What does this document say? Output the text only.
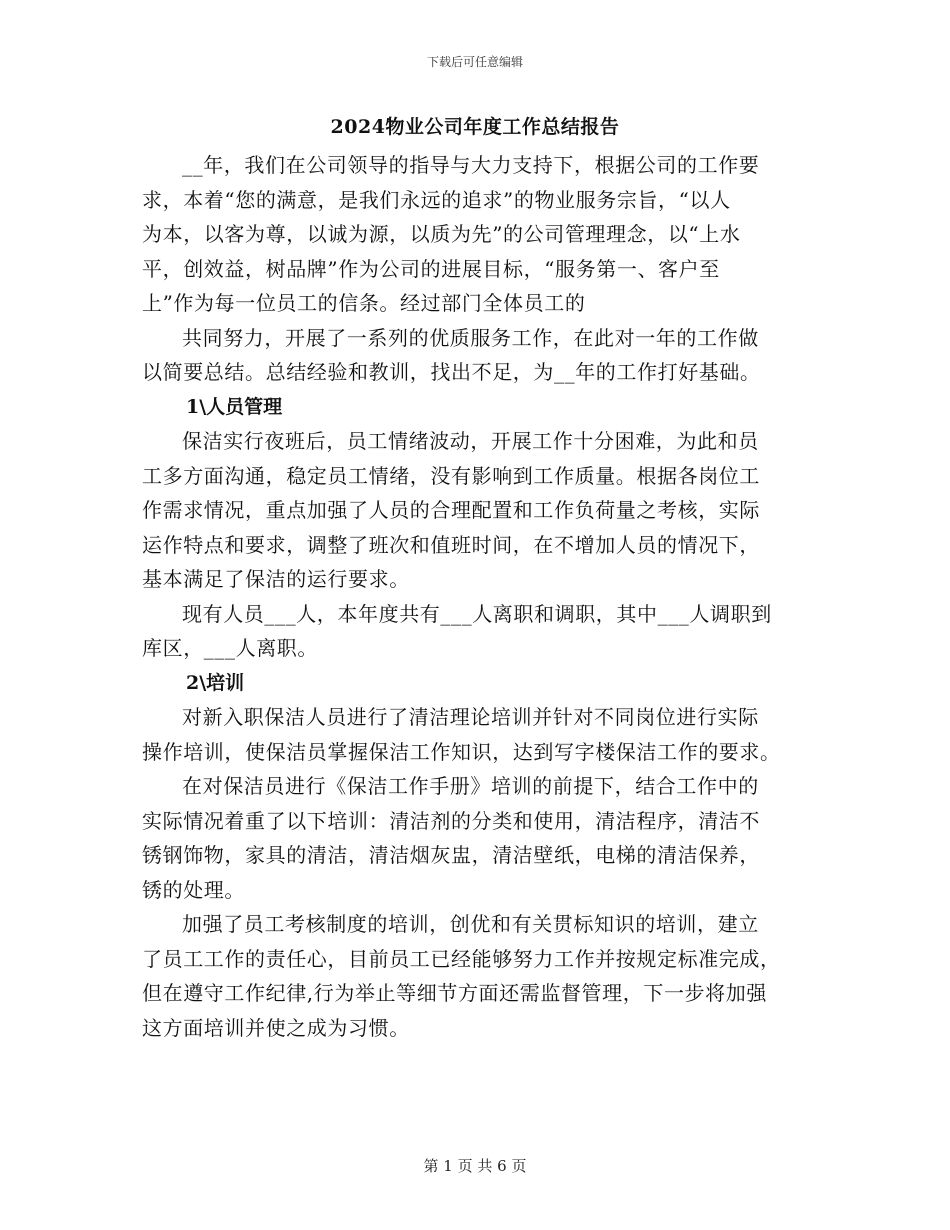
下载后可任意编辑
2024物业公司年度工作总结报告

__年，我们在公司领导的指导与大力支持下，根据公司的工作要
求，本着“您的满意，是我们永远的追求”的物业服务宗旨，“以人
为本，以客为尊，以诚为源，以质为先”的公司管理理念，以“上水
平，创效益，树品牌”作为公司的进展目标，“服务第一、客户至
上”作为每一位员工的信条。经过部门全体员工的

共同努力，开展了一系列的优质服务工作，在此对一年的工作做
以简要总结。总结经验和教训，找出不足，为__年的工作打好基础。

1\人员管理

保洁实行夜班后，员工情绪波动，开展工作十分困难，为此和员
工多方面沟通，稳定员工情绪，没有影响到工作质量。根据各岗位工
作需求情况，重点加强了人员的合理配置和工作负荷量之考核，实际
运作特点和要求，调整了班次和值班时间，在不增加人员的情况下，
基本满足了保洁的运行要求。

现有人员___人，本年度共有___人离职和调职，其中___人调职到
库区，___人离职。

2\培训

对新入职保洁人员进行了清洁理论培训并针对不同岗位进行实际
操作培训，使保洁员掌握保洁工作知识，达到写字楼保洁工作的要求。

在对保洁员进行《保洁工作手册》培训的前提下，结合工作中的
实际情况着重了以下培训：清洁剂的分类和使用，清洁程序，清洁不
锈钢饰物，家具的清洁，清洁烟灰盅，清洁壁纸，电梯的清洁保养，
锈的处理。

加强了员工考核制度的培训，创优和有关贯标知识的培训，建立
了员工工作的责任心，目前员工已经能够努力工作并按规定标准完成，
但在遵守工作纪律,行为举止等细节方面还需监督管理，下一步将加强
这方面培训并使之成为习惯。

第 1 页 共 6 页
